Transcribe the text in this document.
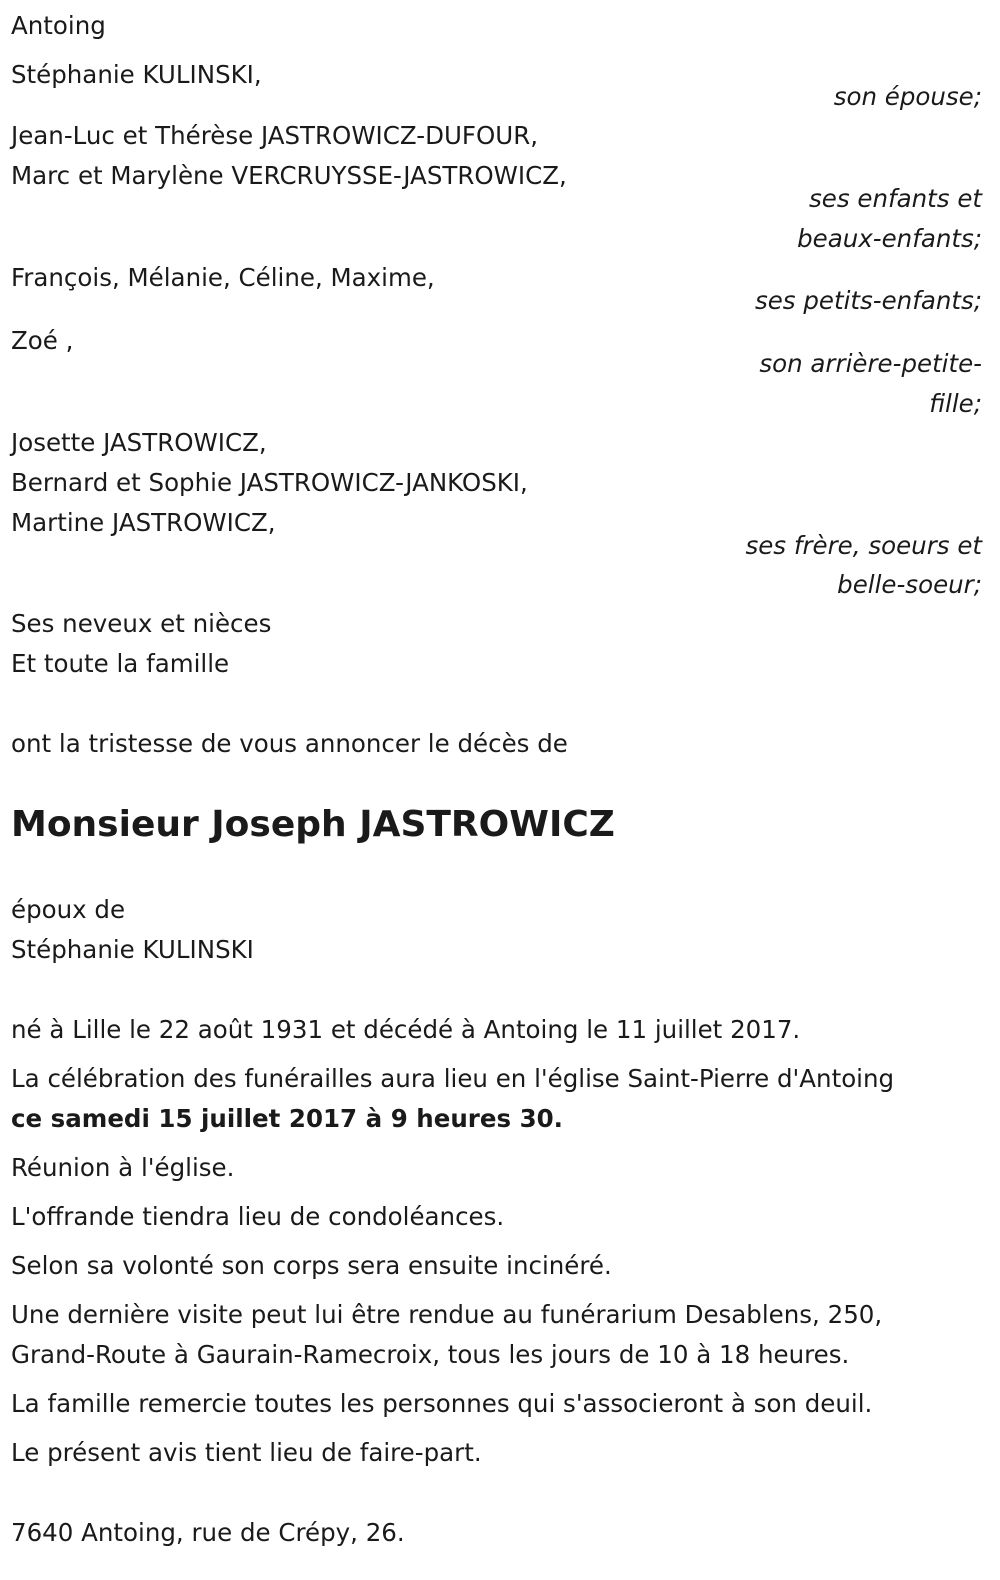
Antoing
Stéphanie KULINSKI,
son épouse;
Jean-Luc et Thérèse JASTROWICZ-DUFOUR,
Marc et Marylène VERCRUYSSE-JASTROWICZ,
ses enfants et
beaux-enfants;
François, Mélanie, Céline, Maxime,
ses petits-enfants;
Zoé ,
son arrière-petite-
fille;
Josette JASTROWICZ,
Bernard et Sophie JASTROWICZ-JANKOSKI,
Martine JASTROWICZ,
ses frère, soeurs et
belle-soeur;
Ses neveux et nièces
Et toute la famille
ont la tristesse de vous annoncer le décès de
Monsieur Joseph JASTROWICZ
époux de
Stéphanie KULINSKI
né à Lille le 22 août 1931 et décédé à Antoing le 11 juillet 2017.
La célébration des funérailles aura lieu en l'église Saint-Pierre d'Antoing
ce samedi 15 juillet 2017 à 9 heures 30.
Réunion à l'église.
L'offrande tiendra lieu de condoléances.
Selon sa volonté son corps sera ensuite incinéré.
Une dernière visite peut lui être rendue au funérarium Desablens, 250,
Grand-Route à Gaurain-Ramecroix, tous les jours de 10 à 18 heures.
La famille remercie toutes les personnes qui s'associeront à son deuil.
Le présent avis tient lieu de faire-part.
7640 Antoing, rue de Crépy, 26.
